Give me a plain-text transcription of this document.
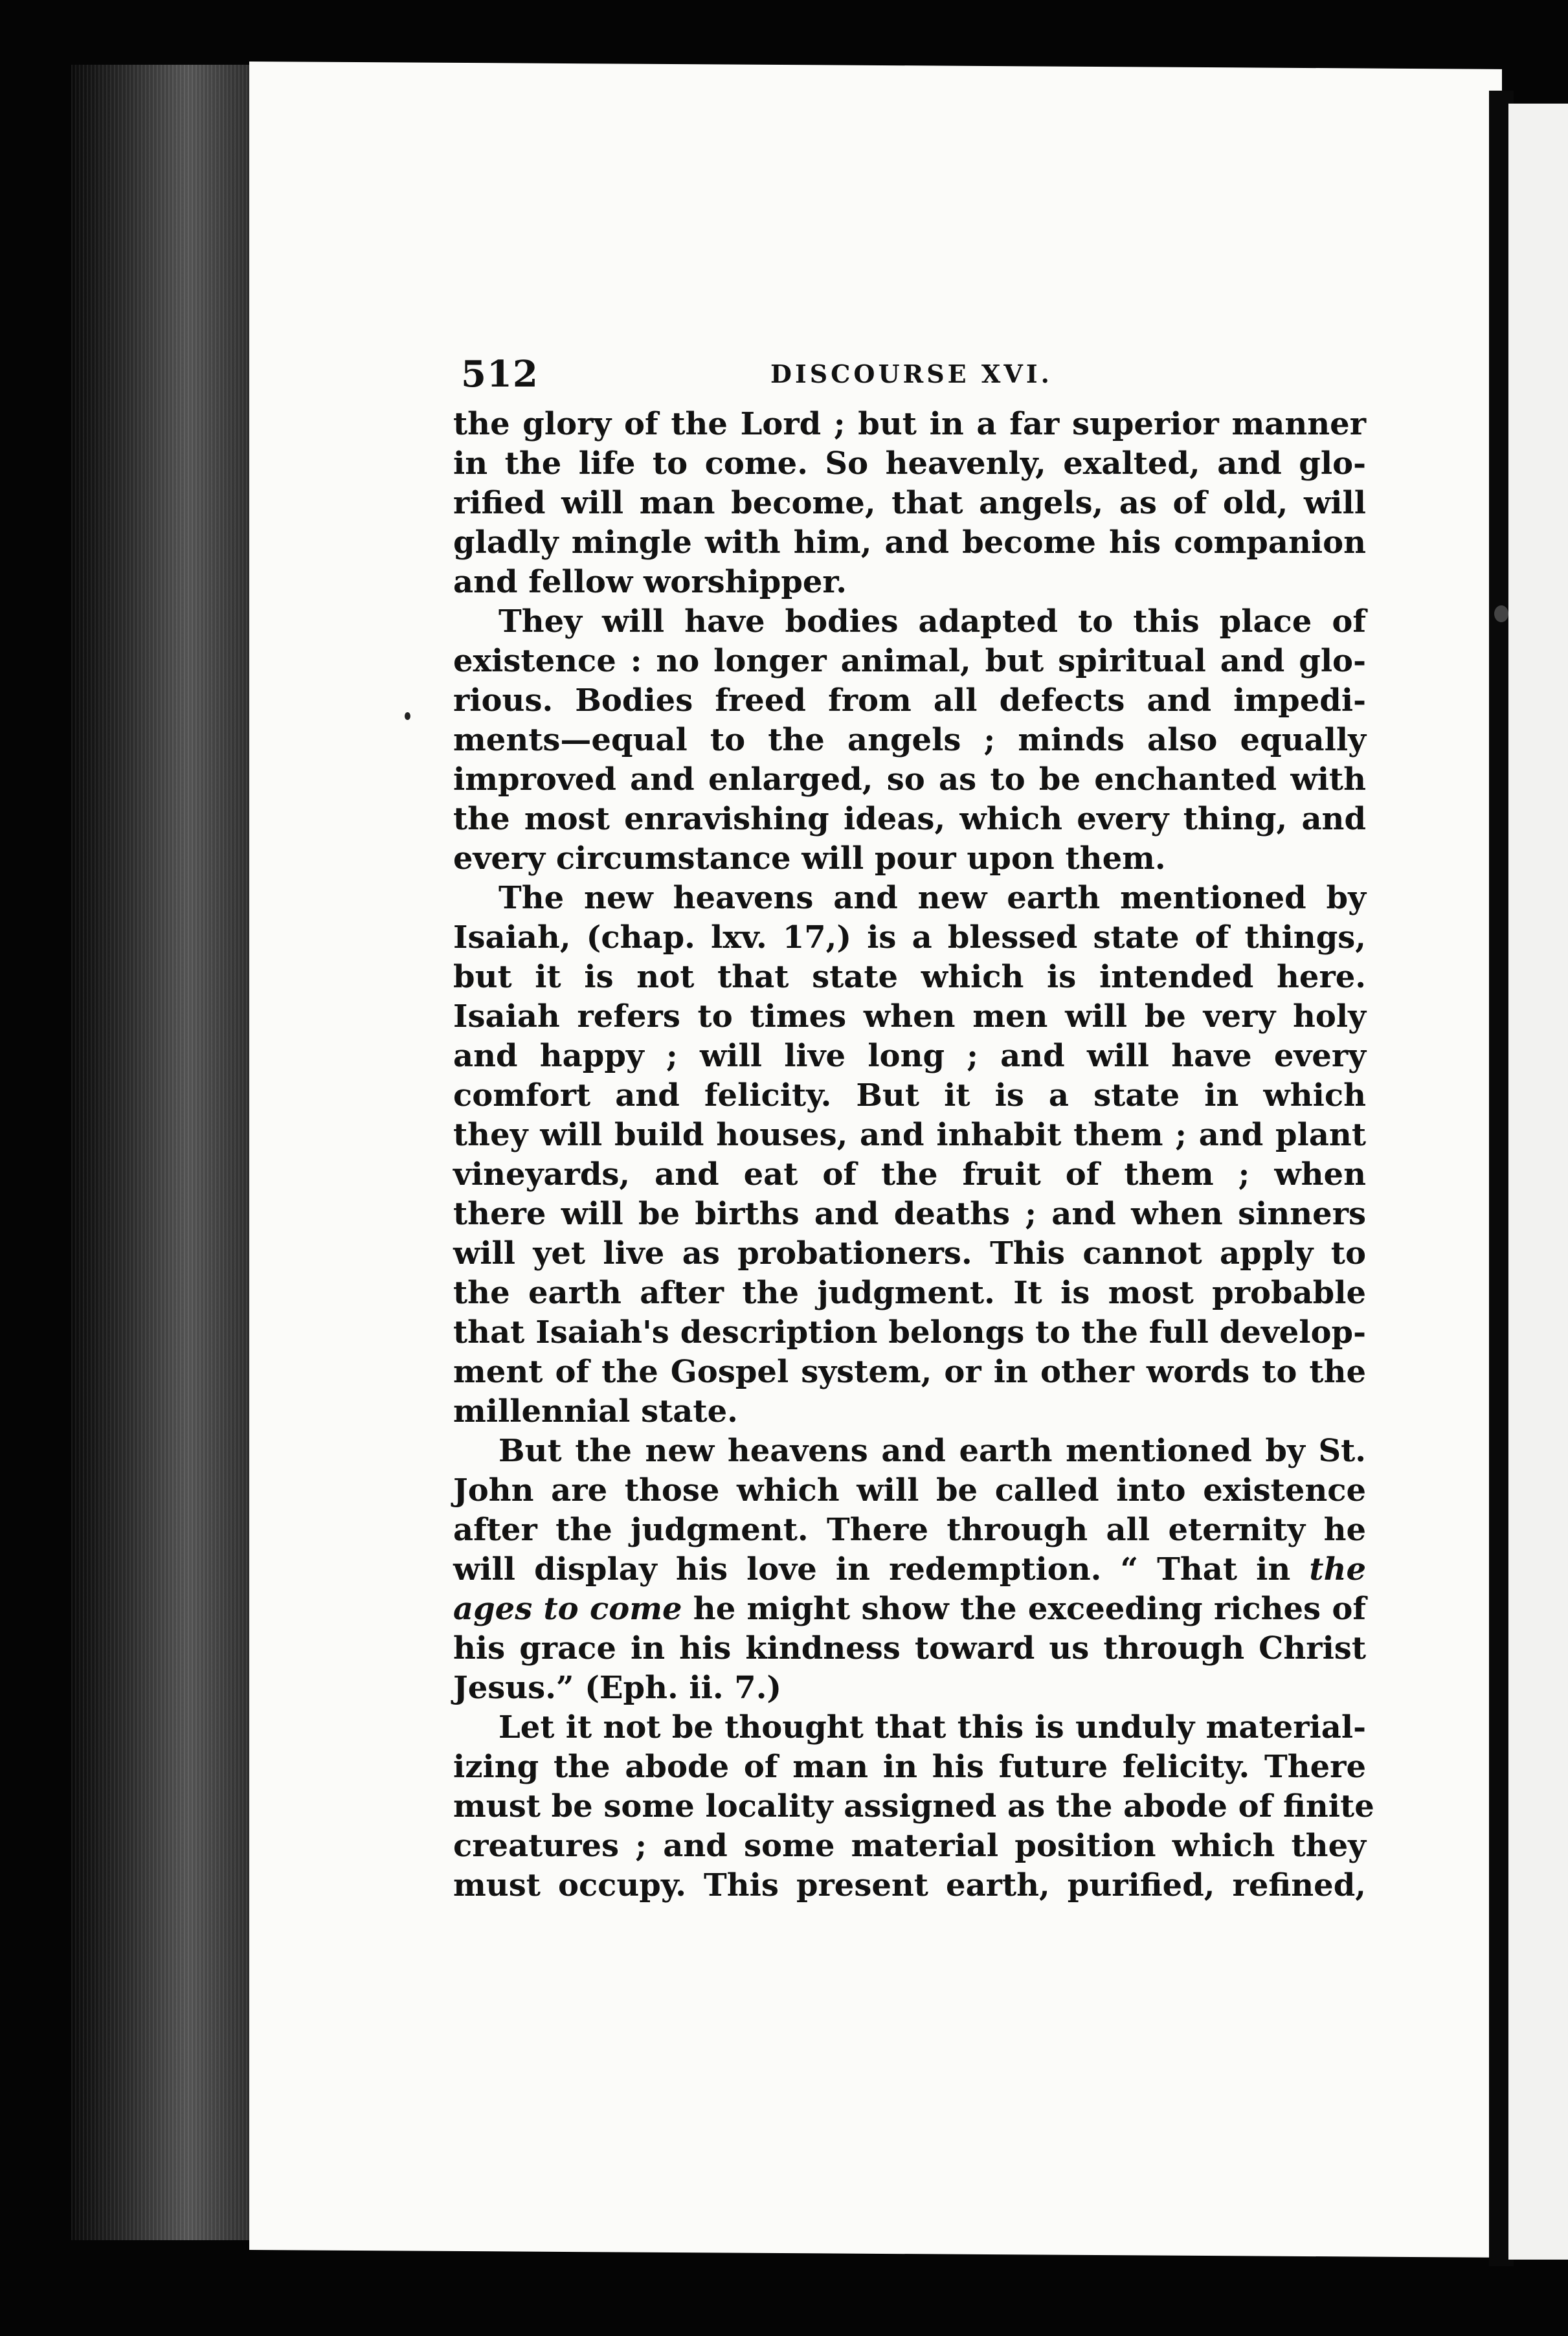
512	DISCOURSE XVI.
the glory of the Lord ; but in a far superior manner
in the life to come. So heavenly, exalted, and glo-
rified will man become, that angels, as of old, will
gladly mingle with him, and become his companion
and fellow worshipper.
They will have bodies adapted to this place of
existence : no longer animal, but spiritual and glo-
rious. Bodies freed from all defects and impedi-
ments—equal to the angels ; minds also equally
improved and enlarged, so as to be enchanted with
the most enravishing ideas, which every thing, and
every circumstance will pour upon them.
The new heavens and new earth mentioned by
Isaiah, (chap. lxv. 17,) is a blessed state of things,
but it is not that state which is intended here.
Isaiah refers to times when men will be very holy
and happy ; will live long ; and will have every
comfort and felicity. But it is a state in which
they will build houses, and inhabit them ; and plant
vineyards, and eat of the fruit of them ; when
there will be births and deaths ; and when sinners
will yet live as probationers. This cannot apply to
the earth after the judgment. It is most probable
that Isaiah's description belongs to the full develop-
ment of the Gospel system, or in other words to the
millennial state.
But the new heavens and earth mentioned by St.
John are those which will be called into existence
after the judgment. There through all eternity he
will display his love in redemption. “ That in the
ages to come he might show the exceeding riches of
his grace in his kindness toward us through Christ
Jesus.” (Eph. ii. 7.)
Let it not be thought that this is unduly material-
izing the abode of man in his future felicity. There
must be some locality assigned as the abode of finite
creatures ; and some material position which they
must occupy. This present earth, purified, refined,
